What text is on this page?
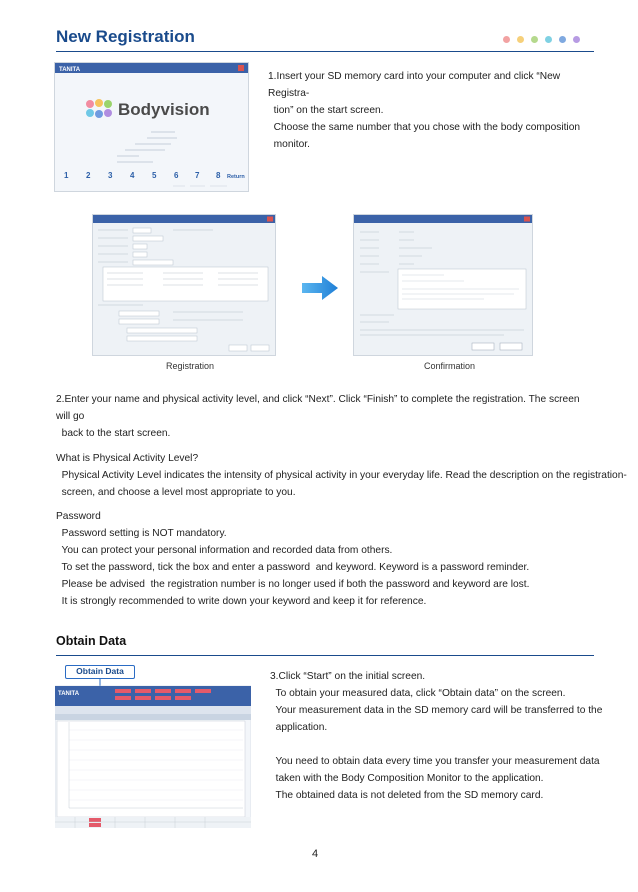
New Registration
TANITA
Bodyvision
1 2 3 4 5 6 7 8 Return

1.Insert your SD memory card into your computer and click “New Registra-

tion” on the start screen.

Choose the same number that you chose with the body composition

monitor.

Registration	Confirmation

2.Enter your name and physical activity level, and click “Next”. Click “Finish” to complete the registration. The screen will go

back to the start screen.

What is Physical Activity Level?

Physical Activity Level indicates the intensity of physical activity in your everyday life. Read the description on the registration-

screen, and choose a level most appropriate to you.

Password

Password setting is NOT mandatory.

You can protect your personal information and recorded data from others.

To set the password, tick the box and enter a password  and keyword. Keyword is a password reminder.

Please be advised  the registration number is no longer used if both the password and keyword are lost.

It is strongly recommended to write down your keyword and keep it for reference.

Obtain Data
Obtain Data
TANITA

3.Click “Start” on the initial screen.

To obtain your measured data, click “Obtain data” on the screen.

Your measurement data in the SD memory card will be transferred to the

application.

You need to obtain data every time you transfer your measurement data

taken with the Body Composition Monitor to the application.

The obtained data is not deleted from the SD memory card.

4
